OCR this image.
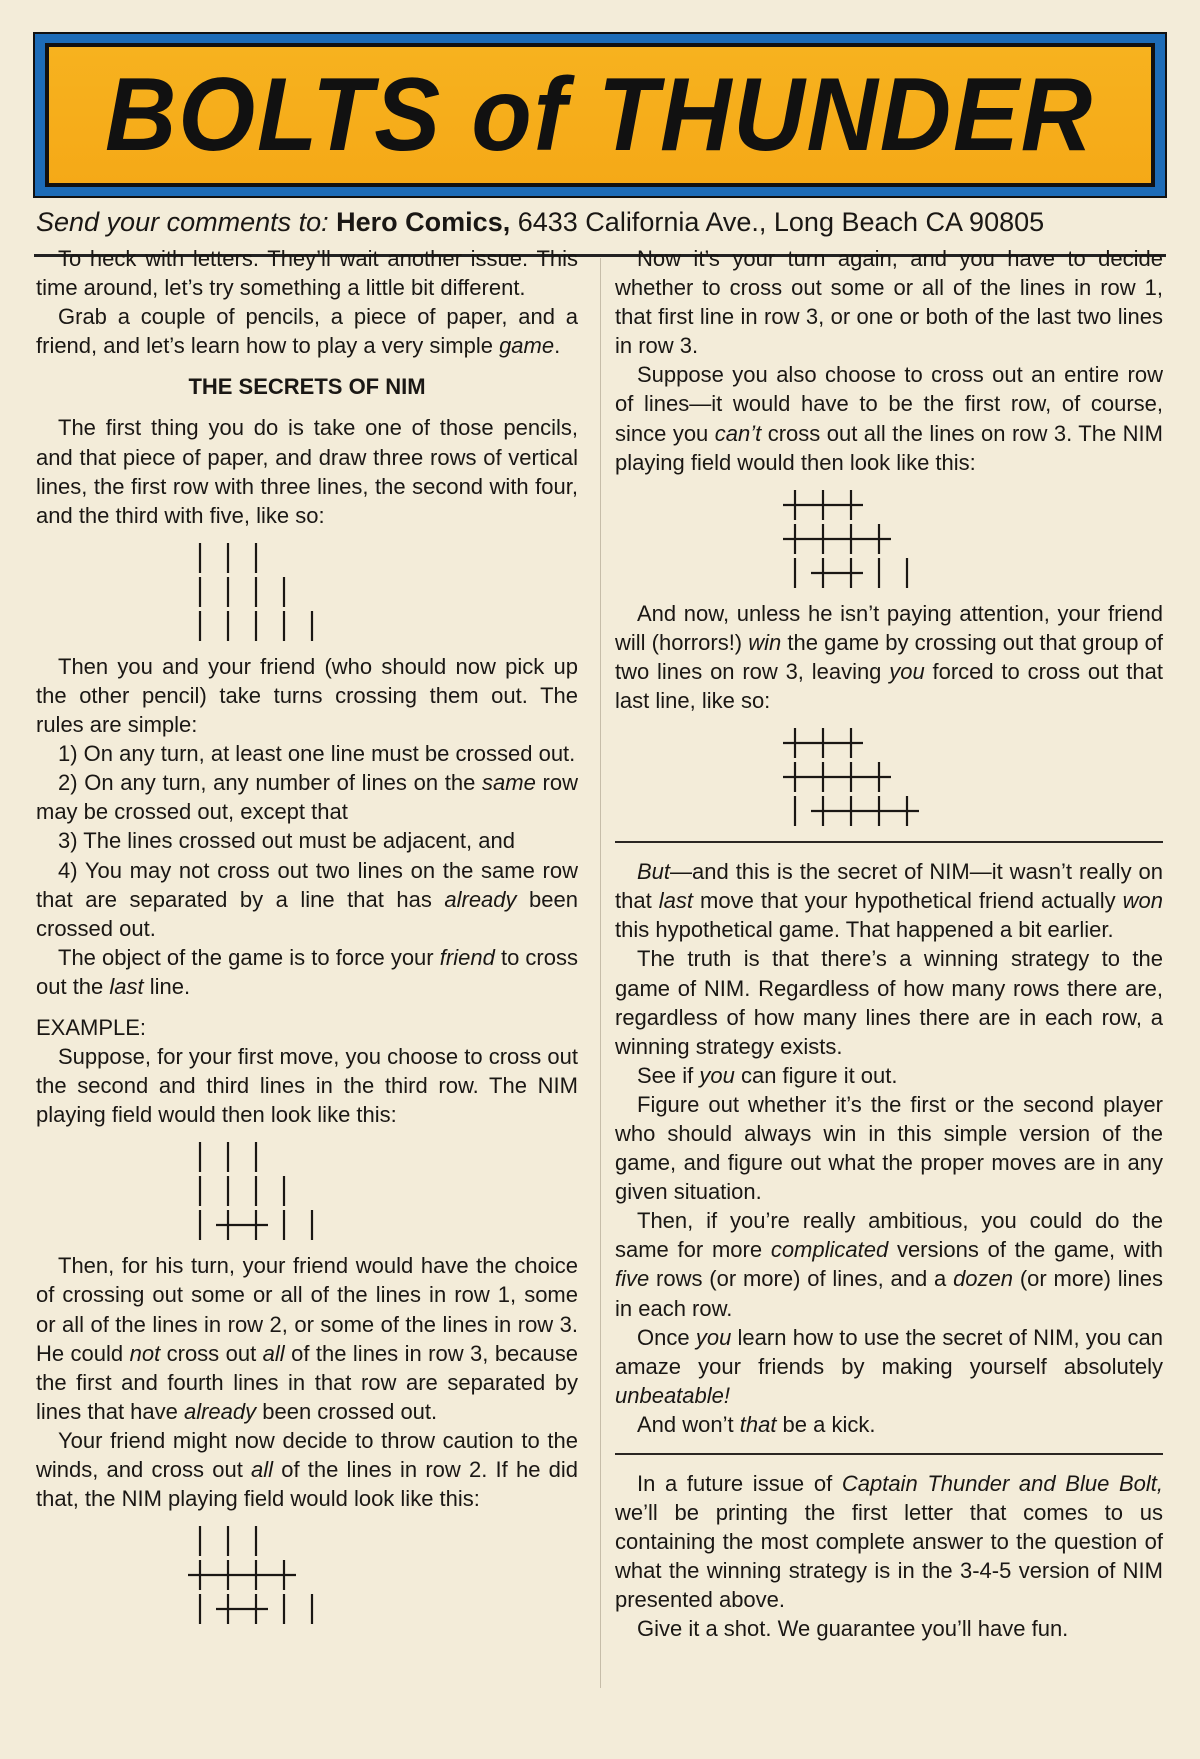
BOLTS of THUNDER
Send your comments to: Hero Comics, 6433 California Ave., Long Beach CA 90805

To heck with letters. They’ll wait another issue. This time around, let’s try something a little bit different.

Grab a couple of pencils, a piece of paper, and a friend, and let’s learn how to play a very simple game.

THE SECRETS OF NIM

The first thing you do is take one of those pencils, and that piece of paper, and draw three rows of vertical lines, the first row with three lines, the second with four, and the third with five, like so:

Then you and your friend (who should now pick up the other pencil) take turns crossing them out. The rules are simple:

1) On any turn, at least one line must be crossed out.

2) On any turn, any number of lines on the same row may be crossed out, except that

3) The lines crossed out must be adjacent, and

4) You may not cross out two lines on the same row that are separated by a line that has already been crossed out.

The object of the game is to force your friend to cross out the last line.

EXAMPLE:

Suppose, for your first move, you choose to cross out the second and third lines in the third row. The NIM playing field would then look like this:

Then, for his turn, your friend would have the choice of crossing out some or all of the lines in row 1, some or all of the lines in row 2, or some of the lines in row 3. He could not cross out all of the lines in row 3, because the first and fourth lines in that row are separated by lines that have already been crossed out.

Your friend might now decide to throw caution to the winds, and cross out all of the lines in row 2. If he did that, the NIM playing field would look like this:

Now it’s your turn again, and you have to decide whether to cross out some or all of the lines in row 1, that first line in row 3, or one or both of the last two lines in row 3.

Suppose you also choose to cross out an entire row of lines—it would have to be the first row, of course, since you can’t cross out all the lines on row 3. The NIM playing field would then look like this:

And now, unless he isn’t paying attention, your friend will (horrors!) win the game by crossing out that group of two lines on row 3, leaving you forced to cross out that last line, like so:

But—and this is the secret of NIM—it wasn’t really on that last move that your hypothetical friend actually won this hypothetical game. That happened a bit earlier.

The truth is that there’s a winning strategy to the game of NIM. Regardless of how many rows there are, regardless of how many lines there are in each row, a winning strategy exists.

See if you can figure it out.

Figure out whether it’s the first or the second player who should always win in this simple version of the game, and figure out what the proper moves are in any given situation.

Then, if you’re really ambitious, you could do the same for more complicated versions of the game, with five rows (or more) of lines, and a dozen (or more) lines in each row.

Once you learn how to use the secret of NIM, you can amaze your friends by making yourself absolutely unbeatable!

And won’t that be a kick.

In a future issue of Captain Thunder and Blue Bolt, we’ll be printing the first letter that comes to us containing the most complete answer to the question of what the winning strategy is in the 3-4-5 version of NIM presented above.

Give it a shot. We guarantee you’ll have fun.
